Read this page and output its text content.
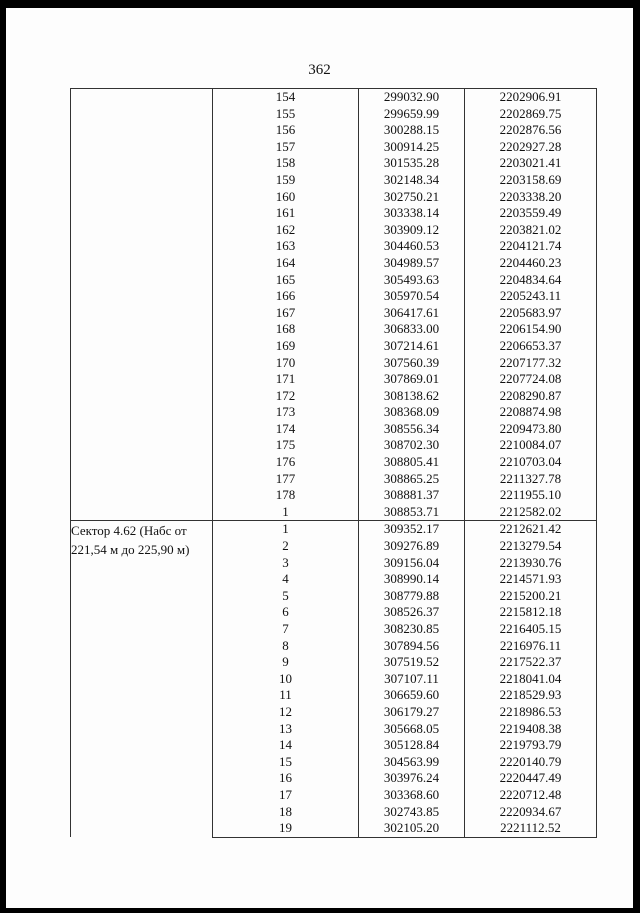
362
	154	299032.90	2202906.91
	155	299659.99	2202869.75
	156	300288.15	2202876.56
	157	300914.25	2202927.28
	158	301535.28	2203021.41
	159	302148.34	2203158.69
	160	302750.21	2203338.20
	161	303338.14	2203559.49
	162	303909.12	2203821.02
	163	304460.53	2204121.74
	164	304989.57	2204460.23
	165	305493.63	2204834.64
	166	305970.54	2205243.11
	167	306417.61	2205683.97
	168	306833.00	2206154.90
	169	307214.61	2206653.37
	170	307560.39	2207177.32
	171	307869.01	2207724.08
	172	308138.62	2208290.87
	173	308368.09	2208874.98
	174	308556.34	2209473.80
	175	308702.30	2210084.07
	176	308805.41	2210703.04
	177	308865.25	2211327.78
	178	308881.37	2211955.10
	1	308853.71	2212582.02
Сектор 4.62 (Набс от 221,54 м до 225,90 м)	1	309352.17	2212621.42
	2	309276.89	2213279.54
	3	309156.04	2213930.76
	4	308990.14	2214571.93
	5	308779.88	2215200.21
	6	308526.37	2215812.18
	7	308230.85	2216405.15
	8	307894.56	2216976.11
	9	307519.52	2217522.37
	10	307107.11	2218041.04
	11	306659.60	2218529.93
	12	306179.27	2218986.53
	13	305668.05	2219408.38
	14	305128.84	2219793.79
	15	304563.99	2220140.79
	16	303976.24	2220447.49
	17	303368.60	2220712.48
	18	302743.85	2220934.67
	19	302105.20	2221112.52
